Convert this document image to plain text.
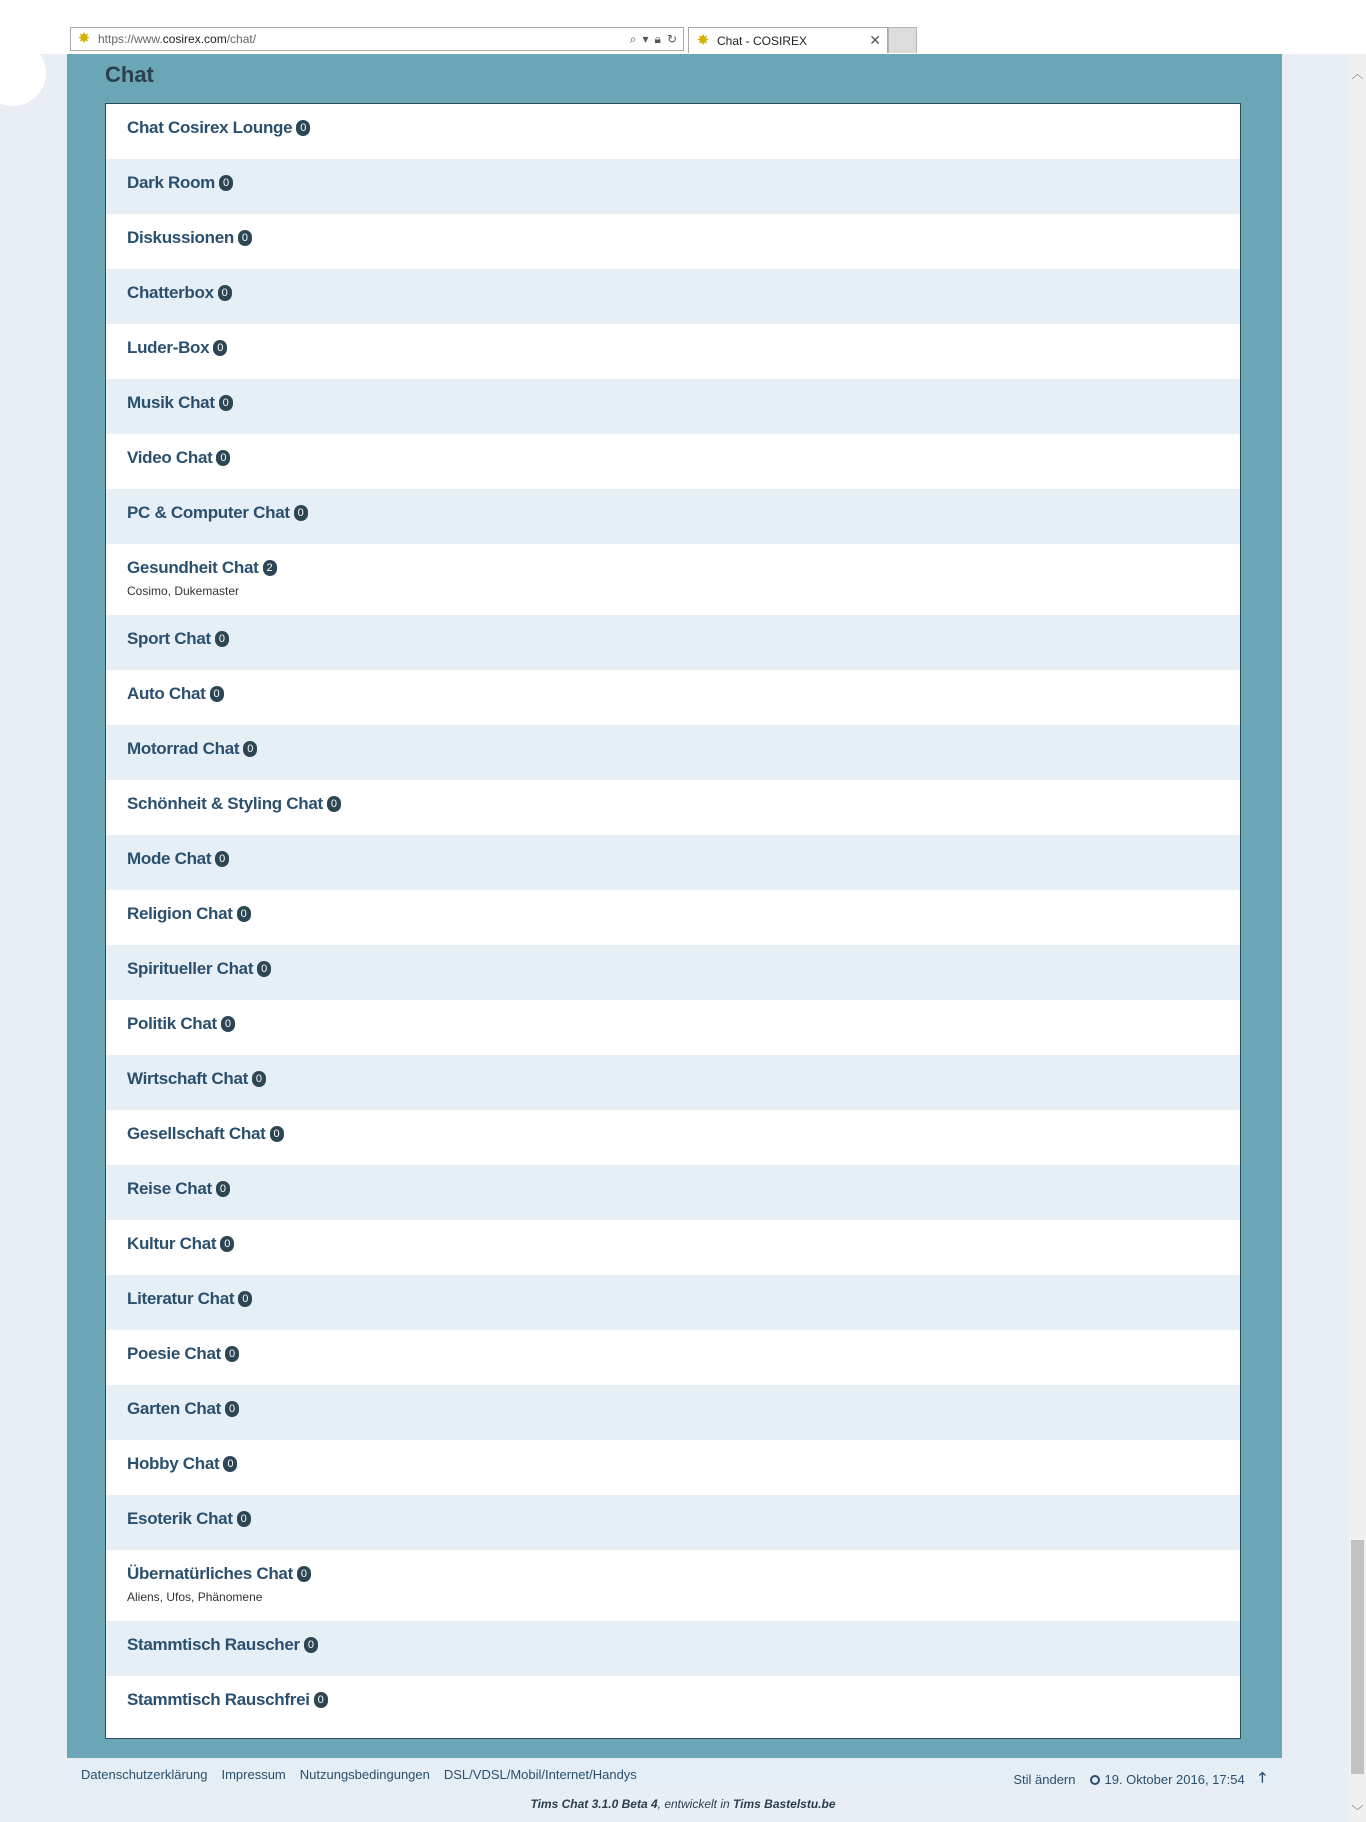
✸ https://www.cosirex.com/chat/	⌕ ▾ 🔒︎ ↻ ✸ Chat - COSIREX	✕
︿
﹀
Chat
Chat Cosirex Lounge 0
Dark Room 0
Diskussionen 0
Chatterbox 0
Luder-Box 0
Musik Chat 0
Video Chat 0
PC & Computer Chat 0
Gesundheit Chat 2
Cosimo, Dukemaster
Sport Chat 0
Auto Chat 0
Motorrad Chat 0
Schönheit & Styling Chat 0
Mode Chat 0
Religion Chat 0
Spiritueller Chat 0
Politik Chat 0
Wirtschaft Chat 0
Gesellschaft Chat 0
Reise Chat 0
Kultur Chat 0
Literatur Chat 0
Poesie Chat 0
Garten Chat 0
Hobby Chat 0
Esoterik Chat 0
Übernatürliches Chat 0
Aliens, Ufos, Phänomene
Stammtisch Rauscher 0
Stammtisch Rauschfrei 0
Datenschutzerklärung Impressum Nutzungsbedingungen DSL/VDSL/Mobil/Internet/Handys	Stil ändern	19. Oktober 2016, 17:54 🡑
Tims Chat 3.1.0 Beta 4, entwickelt in Tims Bastelstu.be
